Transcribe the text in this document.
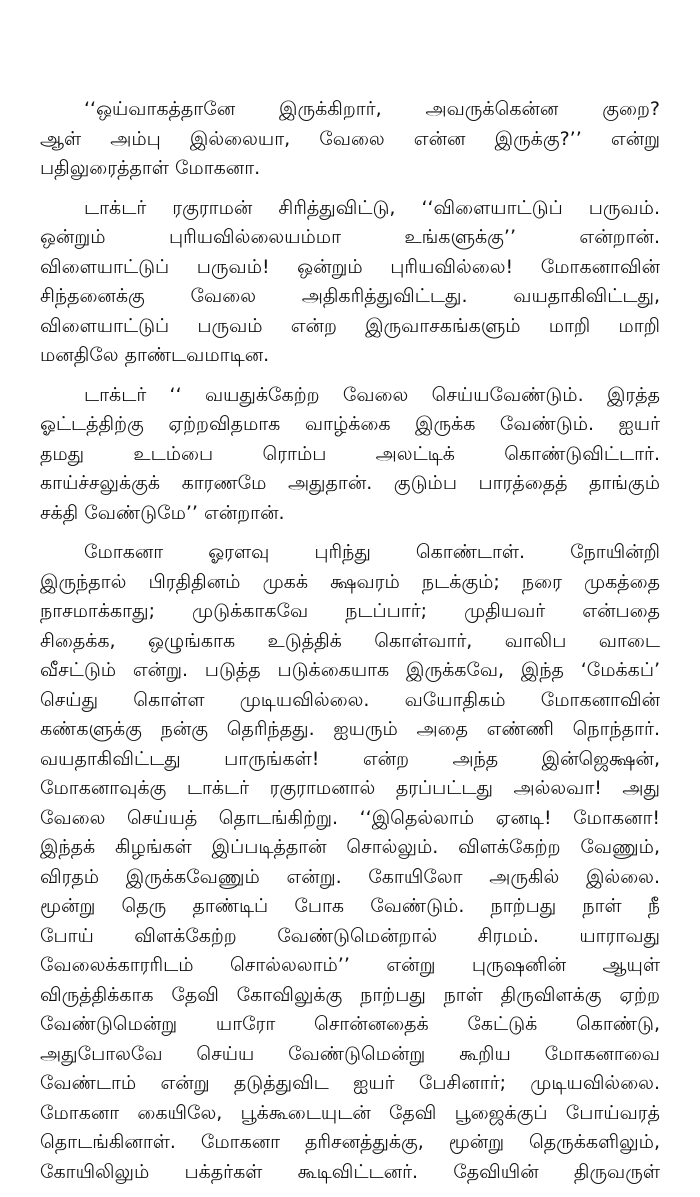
‘‘ஒய்வாகத்தானே இருக்கிறார், அவருக்கென்ன குறை?
ஆள் அம்பு இல்லையா, வேலை என்ன இருக்கு?’’ என்று
பதிலுரைத்தாள் மோகனா.
டாக்டர் ரகுராமன் சிரித்துவிட்டு, ‘‘விளையாட்டுப் பருவம்.
ஒன்றும் புரியவில்லையம்மா உங்களுக்கு’’ என்றான்.
விளையாட்டுப் பருவம்! ஒன்றும் புரியவில்லை! மோகனாவின்
சிந்தனைக்கு வேலை அதிகரித்துவிட்டது. வயதாகிவிட்டது,
விளையாட்டுப் பருவம் என்ற இருவாசகங்களும் மாறி மாறி
மனதிலே தாண்டவமாடின.
டாக்டர் ‘‘ வயதுக்கேற்ற வேலை செய்யவேண்டும். இரத்த
ஓட்டத்திற்கு ஏற்றவிதமாக வாழ்க்கை இருக்க வேண்டும். ஐயர்
தமது உடம்பை ரொம்ப அலட்டிக் கொண்டுவிட்டார்.
காய்ச்சலுக்குக் காரணமே அதுதான். குடும்ப பாரத்தைத் தாங்கும்
சக்தி வேண்டுமே’’ என்றான்.
மோகனா ஓரளவு புரிந்து கொண்டாள். நோயின்றி
இருந்தால் பிரதிதினம் முகக் க்ஷவரம் நடக்கும்; நரை முகத்தை
நாசமாக்காது; முடுக்காகவே நடப்பார்; முதியவர் என்பதை
சிதைக்க, ஒழுங்காக உடுத்திக் கொள்வார், வாலிப வாடை
வீசட்டும் என்று. படுத்த படுக்கையாக இருக்கவே, இந்த ‘மேக்கப்’
செய்து கொள்ள முடியவில்லை. வயோதிகம் மோகனாவின்
கண்களுக்கு நன்கு தெரிந்தது. ஐயரும் அதை எண்ணி நொந்தார்.
வயதாகிவிட்டது பாருங்கள்! என்ற அந்த இன்ஜெக்ஷன்,
மோகனாவுக்கு டாக்டர் ரகுராமனால் தரப்பட்டது அல்லவா! அது
வேலை செய்யத் தொடங்கிற்று. ‘‘இதெல்லாம் ஏனடி! மோகனா!
இந்தக் கிழங்கள் இப்படித்தான் சொல்லும். விளக்கேற்ற வேணும்,
விரதம் இருக்கவேணும் என்று. கோயிலோ அருகில் இல்லை.
மூன்று தெரு தாண்டிப் போக வேண்டும். நாற்பது நாள் நீ
போய் விளக்கேற்ற வேண்டுமென்றால் சிரமம். யாராவது
வேலைக்காரரிடம் சொல்லலாம்’’ என்று புருஷனின் ஆயுள்
விருத்திக்காக தேவி கோவிலுக்கு நாற்பது நாள் திருவிளக்கு ஏற்ற
வேண்டுமென்று யாரோ சொன்னதைக் கேட்டுக் கொண்டு,
அதுபோலவே செய்ய வேண்டுமென்று கூறிய மோகனாவை
வேண்டாம் என்று தடுத்துவிட ஐயர் பேசினார்; முடியவில்லை.
மோகனா கையிலே, பூக்கூடையுடன் தேவி பூஜைக்குப் போய்வரத்
தொடங்கினாள். மோகனா தரிசனத்துக்கு, மூன்று தெருக்களிலும்,
கோயிலிலும் பக்தர்கள் கூடிவிட்டனர். தேவியின் திருவருள்
